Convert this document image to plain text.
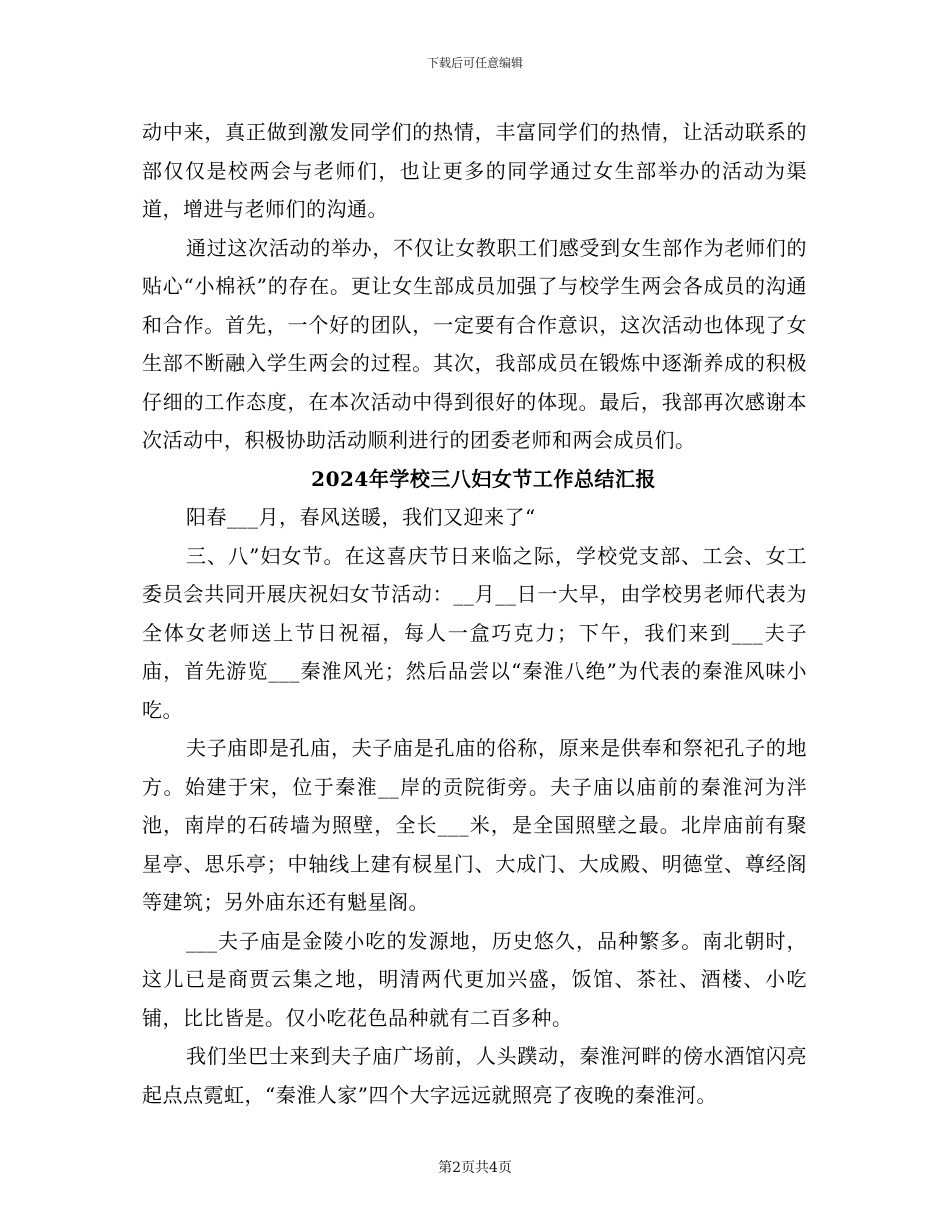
下载后可任意编辑

动中来，真正做到激发同学们的热情，丰富同学们的热情，让活动联系的部仅仅是校两会与老师们，也让更多的同学通过女生部举办的活动为渠道，增进与老师们的沟通。

通过这次活动的举办，不仅让女教职工们感受到女生部作为老师们的贴心“小棉袄”的存在。更让女生部成员加强了与校学生两会各成员的沟通和合作。首先，一个好的团队，一定要有合作意识，这次活动也体现了女生部不断融入学生两会的过程。其次，我部成员在锻炼中逐渐养成的积极仔细的工作态度，在本次活动中得到很好的体现。最后，我部再次感谢本次活动中，积极协助活动顺利进行的团委老师和两会成员们。

2024年学校三八妇女节工作总结汇报

阳春___月，春风送暖，我们又迎来了“

三、八”妇女节。在这喜庆节日来临之际，学校党支部、工会、女工委员会共同开展庆祝妇女节活动：__月__日一大早，由学校男老师代表为全体女老师送上节日祝福，每人一盒巧克力；下午，我们来到___夫子庙，首先游览___秦淮风光；然后品尝以“秦淮八绝”为代表的秦淮风味小吃。

夫子庙即是孔庙，夫子庙是孔庙的俗称，原来是供奉和祭祀孔子的地方。始建于宋，位于秦淮__岸的贡院街旁。夫子庙以庙前的秦淮河为泮池，南岸的石砖墙为照壁，全长___米，是全国照壁之最。北岸庙前有聚星亭、思乐亭；中轴线上建有棂星门、大成门、大成殿、明德堂、尊经阁等建筑；另外庙东还有魁星阁。

___夫子庙是金陵小吃的发源地，历史悠久，品种繁多。南北朝时，这儿已是商贾云集之地，明清两代更加兴盛，饭馆、茶社、酒楼、小吃铺，比比皆是。仅小吃花色品种就有二百多种。

我们坐巴士来到夫子庙广场前，人头蹼动，秦淮河畔的傍水酒馆闪亮起点点霓虹，“秦淮人家”四个大字远远就照亮了夜晚的秦淮河。

第2页共4页
